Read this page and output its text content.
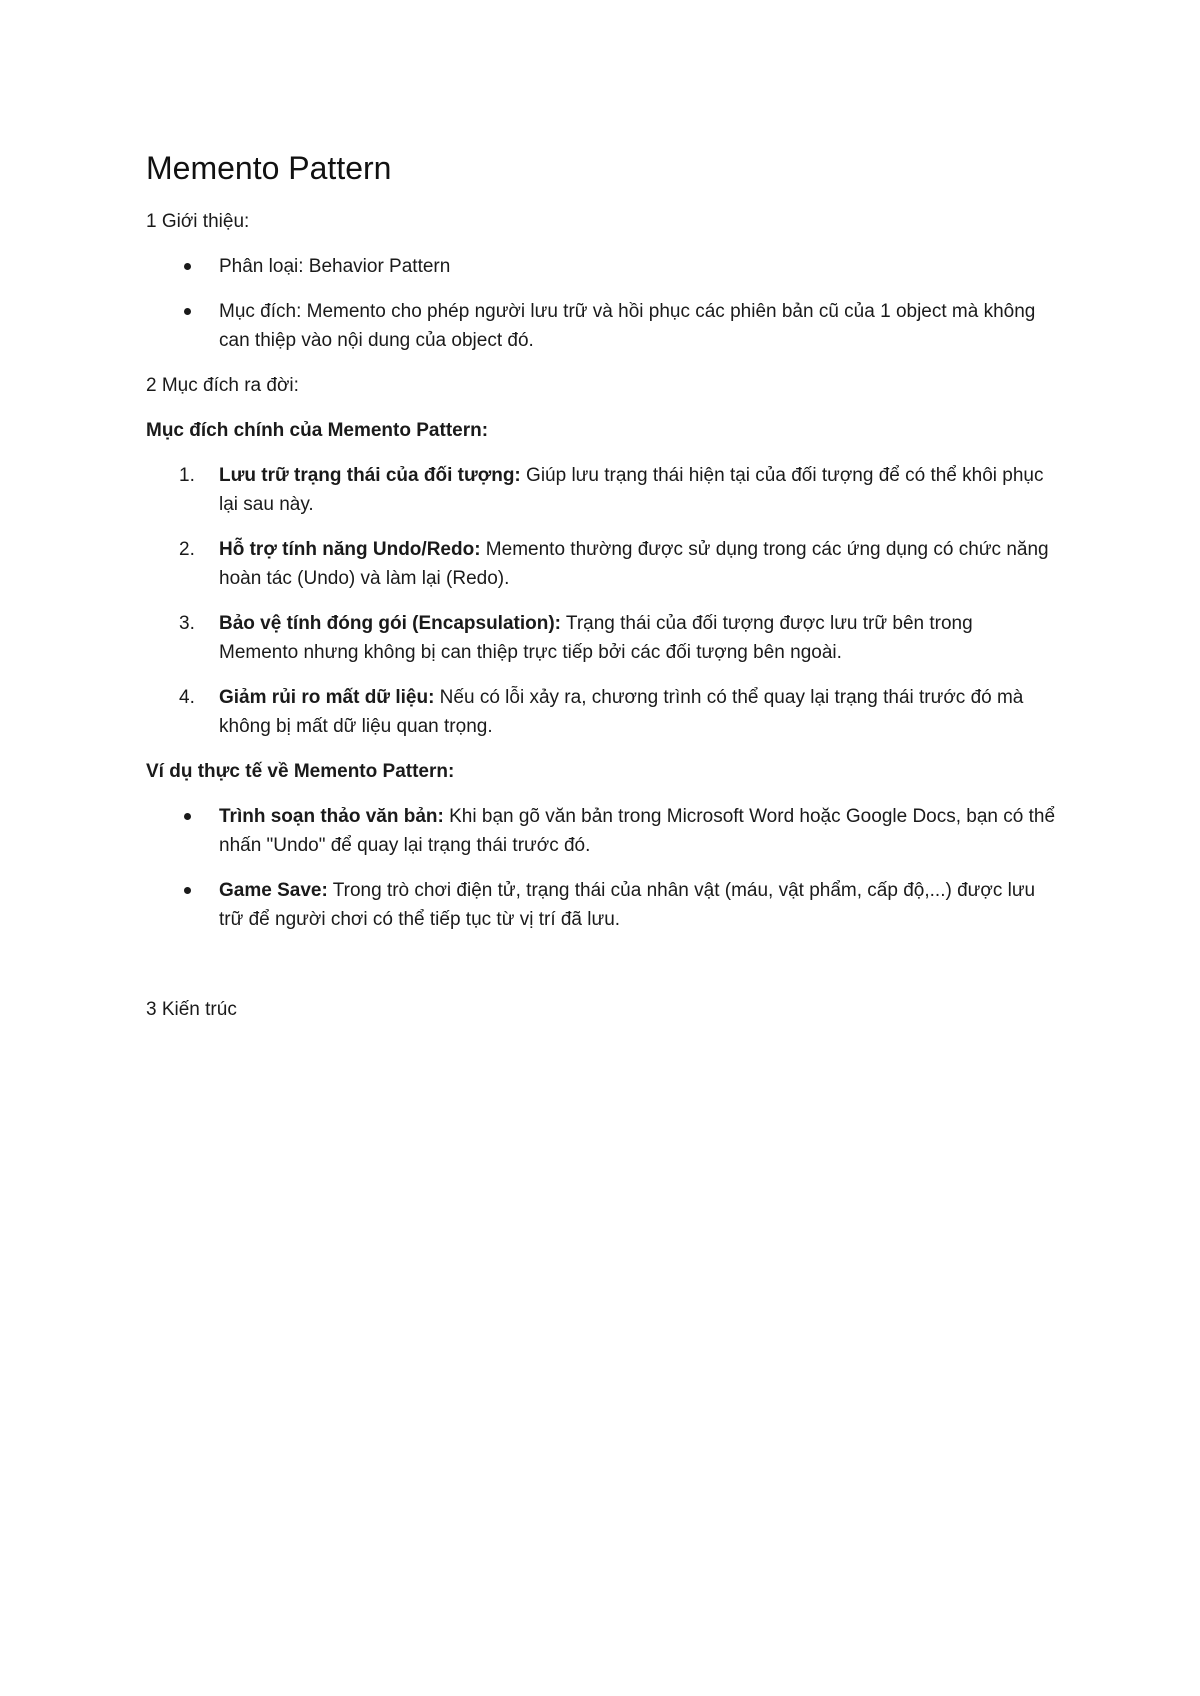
Memento Pattern

1 Giới thiệu:

Phân loại: Behavior Pattern
Mục đích: Memento cho phép người lưu trữ và hồi phục các phiên bản cũ của 1 object mà không can thiệp vào nội dung của object đó.

2 Mục đích ra đời:

Mục đích chính của Memento Pattern:

1. Lưu trữ trạng thái của đối tượng: Giúp lưu trạng thái hiện tại của đối tượng để có thể khôi phục lại sau này.
2. Hỗ trợ tính năng Undo/Redo: Memento thường được sử dụng trong các ứng dụng có chức năng hoàn tác (Undo) và làm lại (Redo).
3. Bảo vệ tính đóng gói (Encapsulation): Trạng thái của đối tượng được lưu trữ bên trong Memento nhưng không bị can thiệp trực tiếp bởi các đối tượng bên ngoài.
4. Giảm rủi ro mất dữ liệu: Nếu có lỗi xảy ra, chương trình có thể quay lại trạng thái trước đó mà không bị mất dữ liệu quan trọng.

Ví dụ thực tế về Memento Pattern:

Trình soạn thảo văn bản: Khi bạn gõ văn bản trong Microsoft Word hoặc Google Docs, bạn có thể nhấn "Undo" để quay lại trạng thái trước đó.
Game Save: Trong trò chơi điện tử, trạng thái của nhân vật (máu, vật phẩm, cấp độ,...) được lưu trữ để người chơi có thể tiếp tục từ vị trí đã lưu.

3 Kiến trúc
